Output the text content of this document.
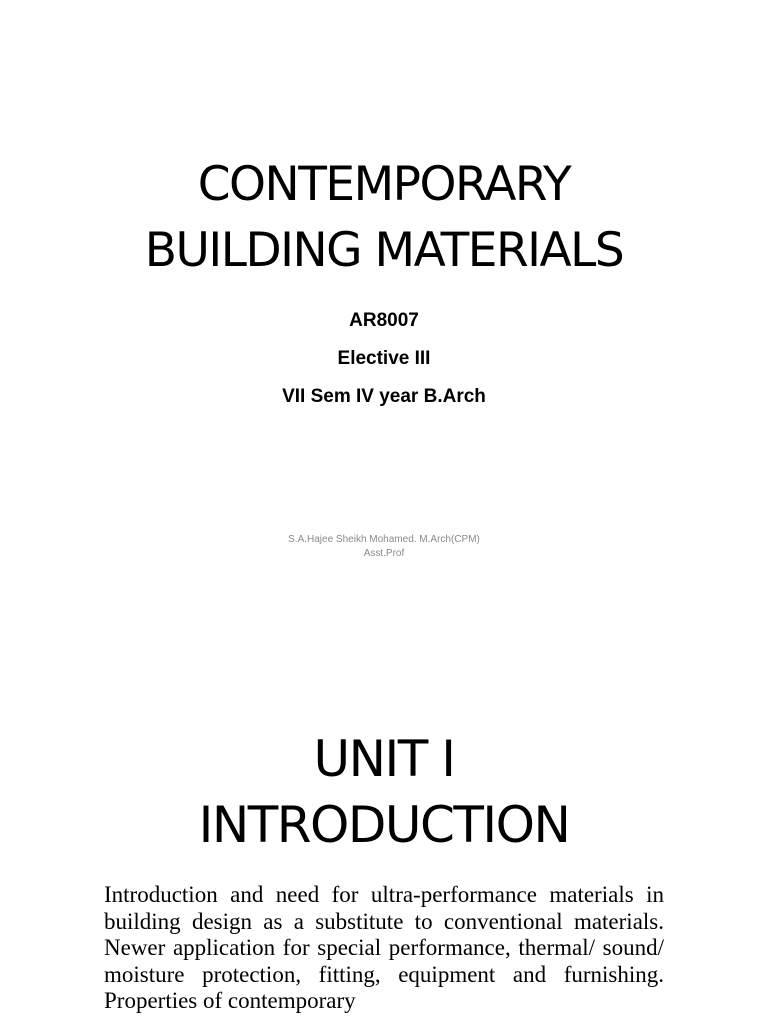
CONTEMPORARY
BUILDING MATERIALS
AR8007
Elective III
VII Sem IV year B.Arch
S.A.Hajee Sheikh Mohamed. M.Arch(CPM)
Asst.Prof
UNIT I
INTRODUCTION

Introduction and need for ultra-performance materials in building design as a substitute to conventional materials. Newer application for special performance, thermal/ sound/ moisture protection, fitting, equipment and furnishing. Properties of contemporary
